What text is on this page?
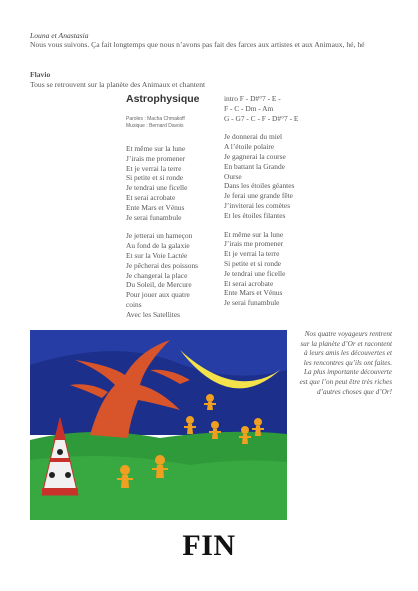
Louna et Anastasia
Nous vous suivons. Ça fait longtemps que nous n’avons pas fait des farces aux artistes et aux Animaux, hé, hé
Flavio
Tous se retrouvent sur la planète des Animaux et chantent
Astrophysique
Paroles : Macha Chmakoff
Musique : Bernard Davois
Et même sur la lune
J’irais me promener
Et je verrai la terre
Si petite et si ronde
Je tendrai une ficelle
Et serai acrobate
Ente Mars et Vénus
Je serai funambule
Je jetterai un hameçon
Au fond de la galaxie
Et sur la Voie Lactée
Je pêcherai des poissons
Je changerai la place
Du Soleil, de Mercure
Pour jouer aux quatre
coins
Avec les Satellites
intro F - D#°7 - E -
F - C - Dm - Am
G - G7 - C - F - D#°7 - E
Je donnerai du miel
A l’étoile polaire
Je gagnerai la course
En battant la Grande
Ourse
Dans les étoiles géantes
Je ferai une grande fête
J’inviterai les comètes
Et les étoiles filantes
Et même sur la lune
J’irais me promener
Et je verrai la terre
Si petite et si ronde
Je tendrai une ficelle
Et serai acrobate
Ente Mars et Vénus
Je serai funambule
Nos quatre voyageurs rentrent sur la planète d’Or et racontent à leurs amis les découvertes et les rencontres qu’ils ont faites. La plus importante découverte est que l’on peut être très riches d’autres choses que d’Or!
FIN
